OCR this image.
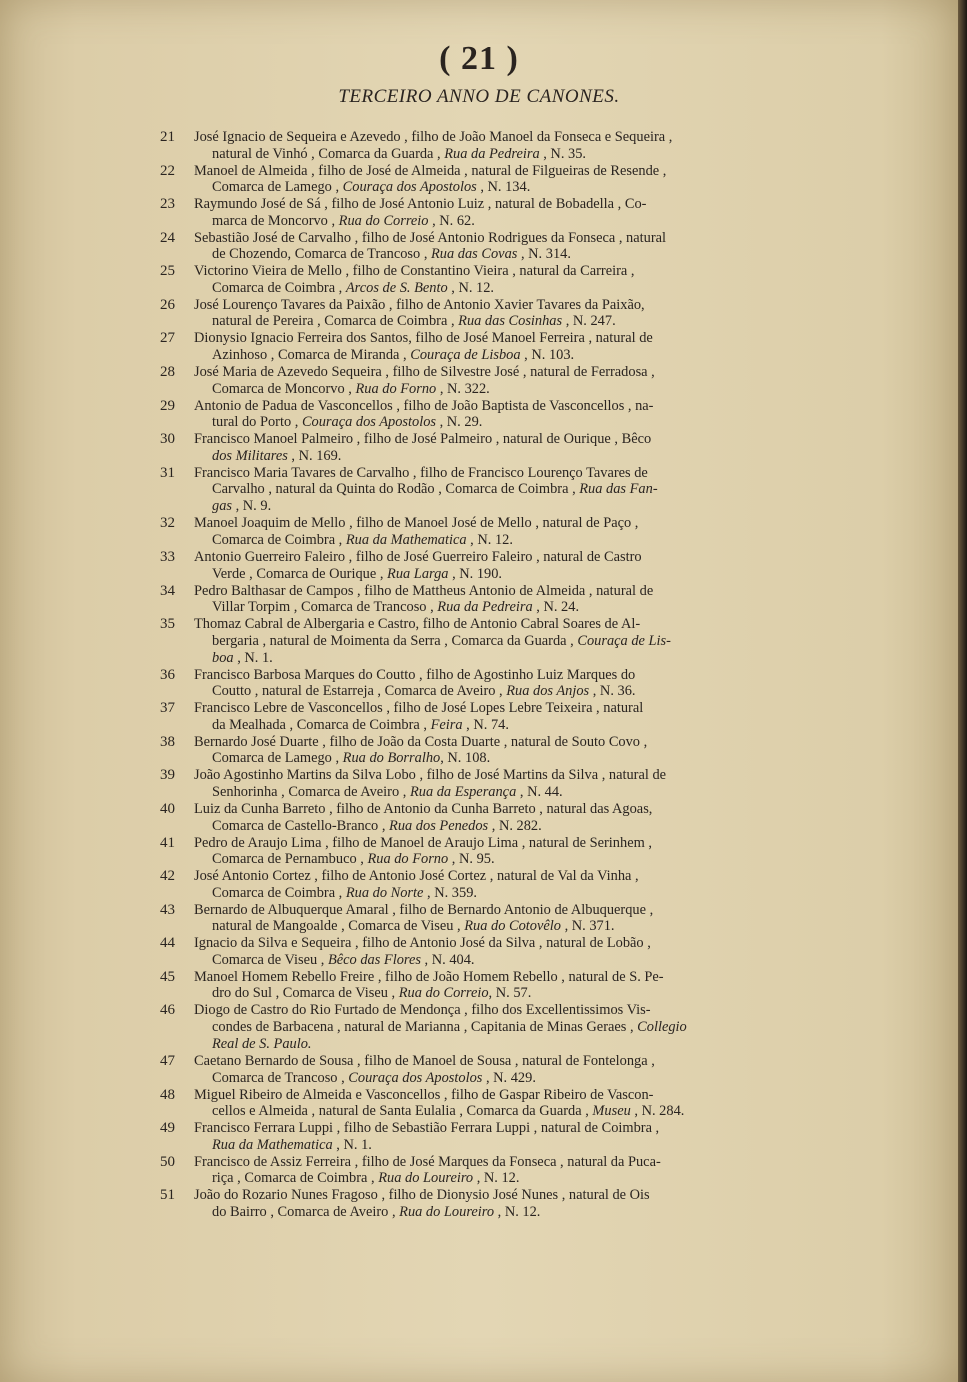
( 21 )
TERCEIRO ANNO DE CANONES.
21 José Ignacio de Sequeira e Azevedo , filho de João Manoel da Fonseca e Sequeira ,
natural de Vinhó , Comarca da Guarda , Rua da Pedreira , N. 35.
22 Manoel de Almeida , filho de José de Almeida , natural de Filgueiras de Resende ,
Comarca de Lamego , Couraça dos Apostolos , N. 134.
23 Raymundo José de Sá , filho de José Antonio Luiz , natural de Bobadella , Co-
marca de Moncorvo , Rua do Correio , N. 62.
24 Sebastião José de Carvalho , filho de José Antonio Rodrigues da Fonseca , natural
de Chozendo, Comarca de Trancoso , Rua das Covas , N. 314.
25 Victorino Vieira de Mello , filho de Constantino Vieira , natural da Carreira ,
Comarca de Coimbra , Arcos de S. Bento , N. 12.
26 José Lourenço Tavares da Paixão , filho de Antonio Xavier Tavares da Paixão,
natural de Pereira , Comarca de Coimbra , Rua das Cosinhas , N. 247.
27 Dionysio Ignacio Ferreira dos Santos, filho de José Manoel Ferreira , natural de
Azinhoso , Comarca de Miranda , Couraça de Lisboa , N. 103.
28 José Maria de Azevedo Sequeira , filho de Silvestre José , natural de Ferradosa ,
Comarca de Moncorvo , Rua do Forno , N. 322.
29 Antonio de Padua de Vasconcellos , filho de João Baptista de Vasconcellos , na-
tural do Porto , Couraça dos Apostolos , N. 29.
30 Francisco Manoel Palmeiro , filho de José Palmeiro , natural de Ourique , Bêco
dos Militares , N. 169.
31 Francisco Maria Tavares de Carvalho , filho de Francisco Lourenço Tavares de
Carvalho , natural da Quinta do Rodão , Comarca de Coimbra , Rua das Fan-
gas , N. 9.
32 Manoel Joaquim de Mello , filho de Manoel José de Mello , natural de Paço ,
Comarca de Coimbra , Rua da Mathematica , N. 12.
33 Antonio Guerreiro Faleiro , filho de José Guerreiro Faleiro , natural de Castro
Verde , Comarca de Ourique , Rua Larga , N. 190.
34 Pedro Balthasar de Campos , filho de Mattheus Antonio de Almeida , natural de
Villar Torpim , Comarca de Trancoso , Rua da Pedreira , N. 24.
35 Thomaz Cabral de Albergaria e Castro, filho de Antonio Cabral Soares de Al-
bergaria , natural de Moimenta da Serra , Comarca da Guarda , Couraça de Lis-
boa , N. 1.
36 Francisco Barbosa Marques do Coutto , filho de Agostinho Luiz Marques do
Coutto , natural de Estarreja , Comarca de Aveiro , Rua dos Anjos , N. 36.
37 Francisco Lebre de Vasconcellos , filho de José Lopes Lebre Teixeira , natural
da Mealhada , Comarca de Coimbra , Feira , N. 74.
38 Bernardo José Duarte , filho de João da Costa Duarte , natural de Souto Covo ,
Comarca de Lamego , Rua do Borralho, N. 108.
39 João Agostinho Martins da Silva Lobo , filho de José Martins da Silva , natural de
Senhorinha , Comarca de Aveiro , Rua da Esperança , N. 44.
40 Luiz da Cunha Barreto , filho de Antonio da Cunha Barreto , natural das Agoas,
Comarca de Castello-Branco , Rua dos Penedos , N. 282.
41 Pedro de Araujo Lima , filho de Manoel de Araujo Lima , natural de Serinhem ,
Comarca de Pernambuco , Rua do Forno , N. 95.
42 José Antonio Cortez , filho de Antonio José Cortez , natural de Val da Vinha ,
Comarca de Coimbra , Rua do Norte , N. 359.
43 Bernardo de Albuquerque Amaral , filho de Bernardo Antonio de Albuquerque ,
natural de Mangoalde , Comarca de Viseu , Rua do Cotovêlo , N. 371.
44 Ignacio da Silva e Sequeira , filho de Antonio José da Silva , natural de Lobão ,
Comarca de Viseu , Bêco das Flores , N. 404.
45 Manoel Homem Rebello Freire , filho de João Homem Rebello , natural de S. Pe-
dro do Sul , Comarca de Viseu , Rua do Correio, N. 57.
46 Diogo de Castro do Rio Furtado de Mendonça , filho dos Excellentissimos Vis-
condes de Barbacena , natural de Marianna , Capitania de Minas Geraes , Collegio
Real de S. Paulo.
47 Caetano Bernardo de Sousa , filho de Manoel de Sousa , natural de Fontelonga ,
Comarca de Trancoso , Couraça dos Apostolos , N. 429.
48 Miguel Ribeiro de Almeida e Vasconcellos , filho de Gaspar Ribeiro de Vascon-
cellos e Almeida , natural de Santa Eulalia , Comarca da Guarda , Museu , N. 284.
49 Francisco Ferrara Luppi , filho de Sebastião Ferrara Luppi , natural de Coimbra ,
Rua da Mathematica , N. 1.
50 Francisco de Assiz Ferreira , filho de José Marques da Fonseca , natural da Puca-
riça , Comarca de Coimbra , Rua do Loureiro , N. 12.
51 João do Rozario Nunes Fragoso , filho de Dionysio José Nunes , natural de Ois
do Bairro , Comarca de Aveiro , Rua do Loureiro , N. 12.
